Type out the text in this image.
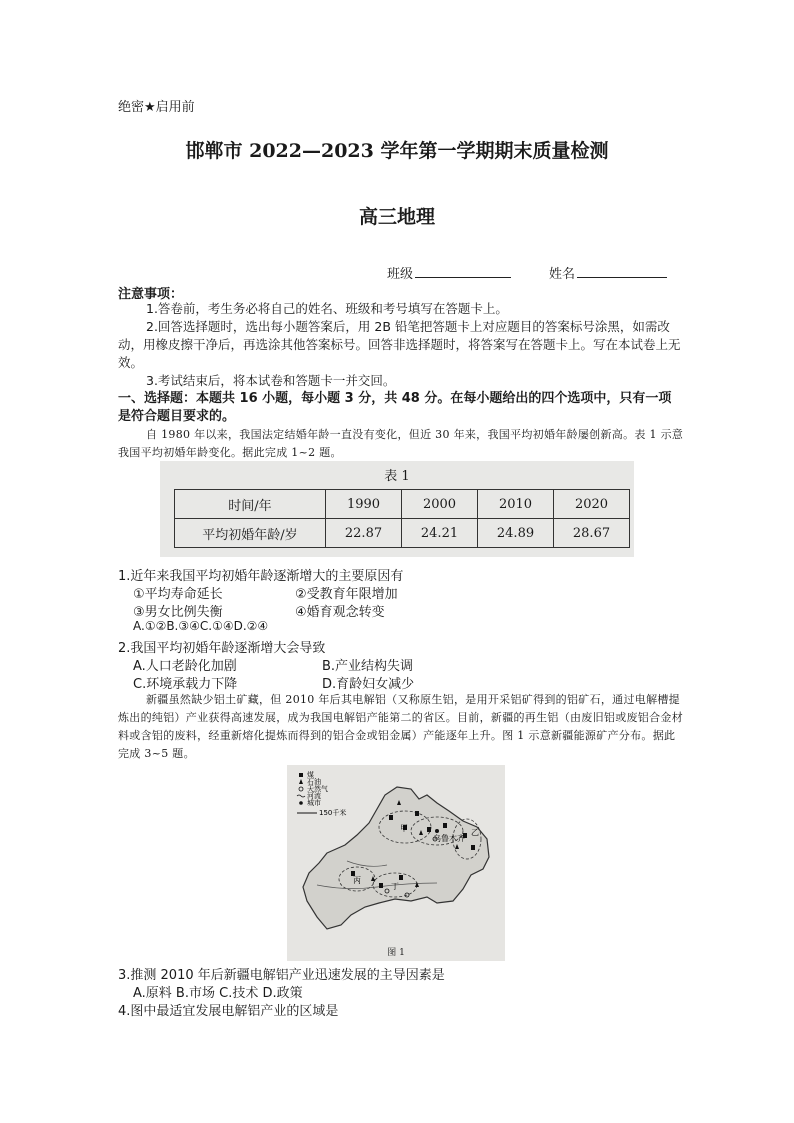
绝密★启用前
邯郸市 2022—2023 学年第一学期期末质量检测
高三地理
班级	姓名
注意事项：
1.答卷前，考生务必将自己的姓名、班级和考号填写在答题卡上。
2.回答选择题时，选出每小题答案后，用 2B 铅笔把答题卡上对应题目的答案标号涂黑，如需改动，用橡皮擦干净后，再选涂其他答案标号。回答非选择题时，将答案写在答题卡上。写在本试卷上无效。
3.考试结束后，将本试卷和答题卡一并交回。
一、选择题：本题共 16 小题，每小题 3 分，共 48 分。在每小题给出的四个选项中，只有一项是符合题目要求的。
自 1980 年以来，我国法定结婚年龄一直没有变化，但近 30 年来，我国平均初婚年龄屡创新高。表 1 示意我国平均初婚年龄变化。据此完成 1~2 题。
表 1
时间/年	1990	2000	2010	2020
平均初婚年龄/岁	22.87	24.21	24.89	28.67
1.近年来我国平均初婚年龄逐渐增大的主要原因有
①平均寿命延长	②受教育年限增加
③男女比例失衡	④婚育观念转变
A.①②B.③④C.①④D.②④
2.我国平均初婚年龄逐渐增大会导致
A.人口老龄化加剧	B.产业结构失调
C.环境承载力下降	D.育龄妇女减少
新疆虽然缺少铝土矿藏，但 2010 年后其电解铝（又称原生铝，是用开采铝矿得到的铝矿石，通过电解槽提炼出的纯铝）产业获得高速发展，成为我国电解铝产能第二的省区。目前，新疆的再生铝（由废旧铝或废铝合金材料或含铝的废料，经重新熔化提炼而得到的铝合金或铝金属）产能逐年上升。图 1 示意新疆能源矿产分布。据此完成 3~5 题。
煤
石油
天然气
河流
城市
150千米
甲	乙
丙
丁
乌鲁木齐
图 1
3.推测 2010 年后新疆电解铝产业迅速发展的主导因素是
A.原料 B.市场 C.技术 D.政策
4.图中最适宜发展电解铝产业的区域是
